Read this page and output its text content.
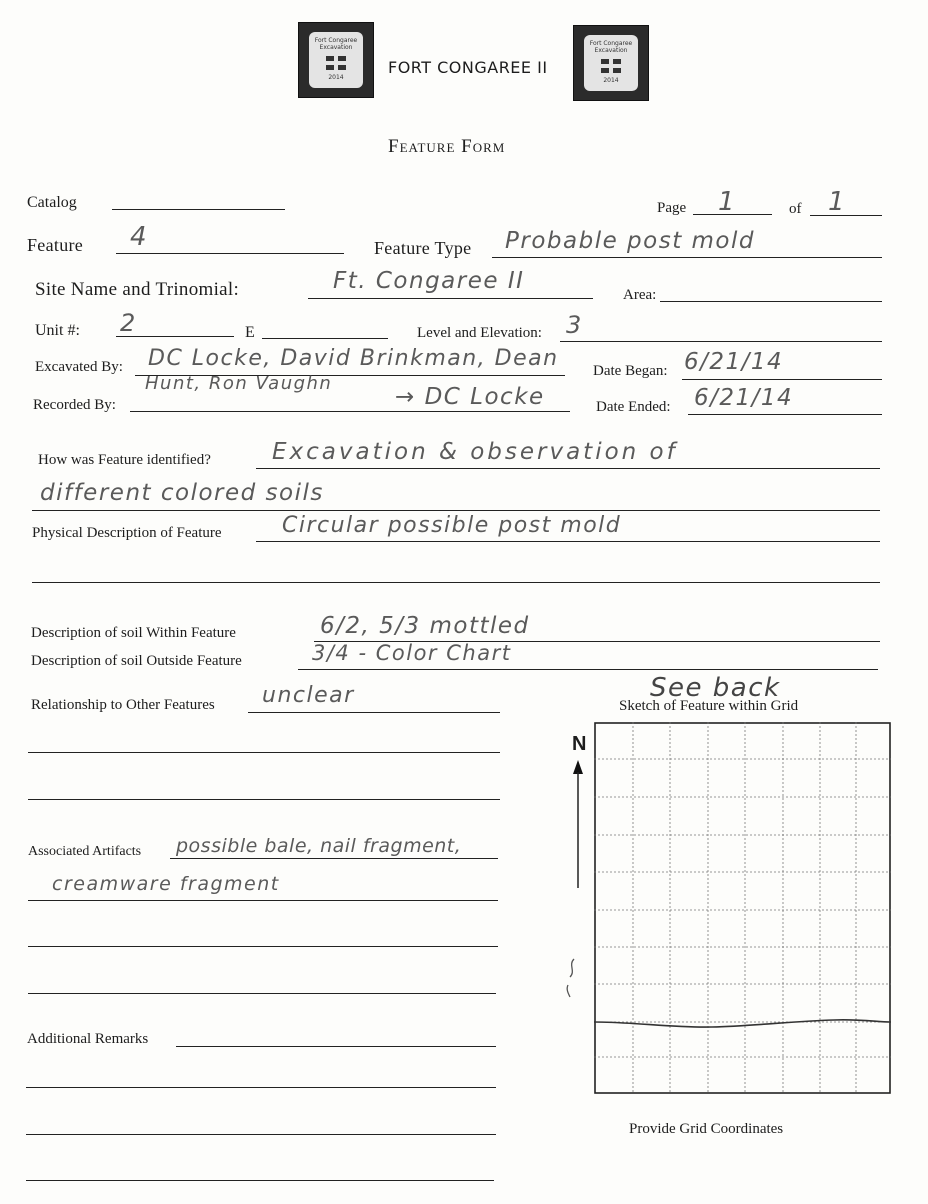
Fort Congaree
Excavation
2014
FORT CONGAREE II
Fort Congaree
Excavation
2014
Feature Form
Catalog	Page 1	of 1
Feature 4	Feature Type Probable post mold
Site Name and Trinomial:	Ft. Congaree II
Area:
Unit #: 2	E	Level and Elevation: 3
Excavated By: DC Locke, David Brinkman, Dean
Hunt, Ron Vaughn
Date Began: 6/21/14
Recorded By:	→ DC Locke	Date Ended: 6/21/14
How was Feature identified?	Excavation & observation of
different colored soils
Physical Description of Feature	Circular possible post mold
Description of soil Within Feature	6/2, 5/3 mottled
Description of soil Outside Feature	3/4 - Color Chart
Relationship to Other Features unclear
Associated Artifacts possible bale, nail fragment,
creamware fragment
Additional Remarks
See back
Sketch of Feature within Grid
N
Provide Grid Coordinates
